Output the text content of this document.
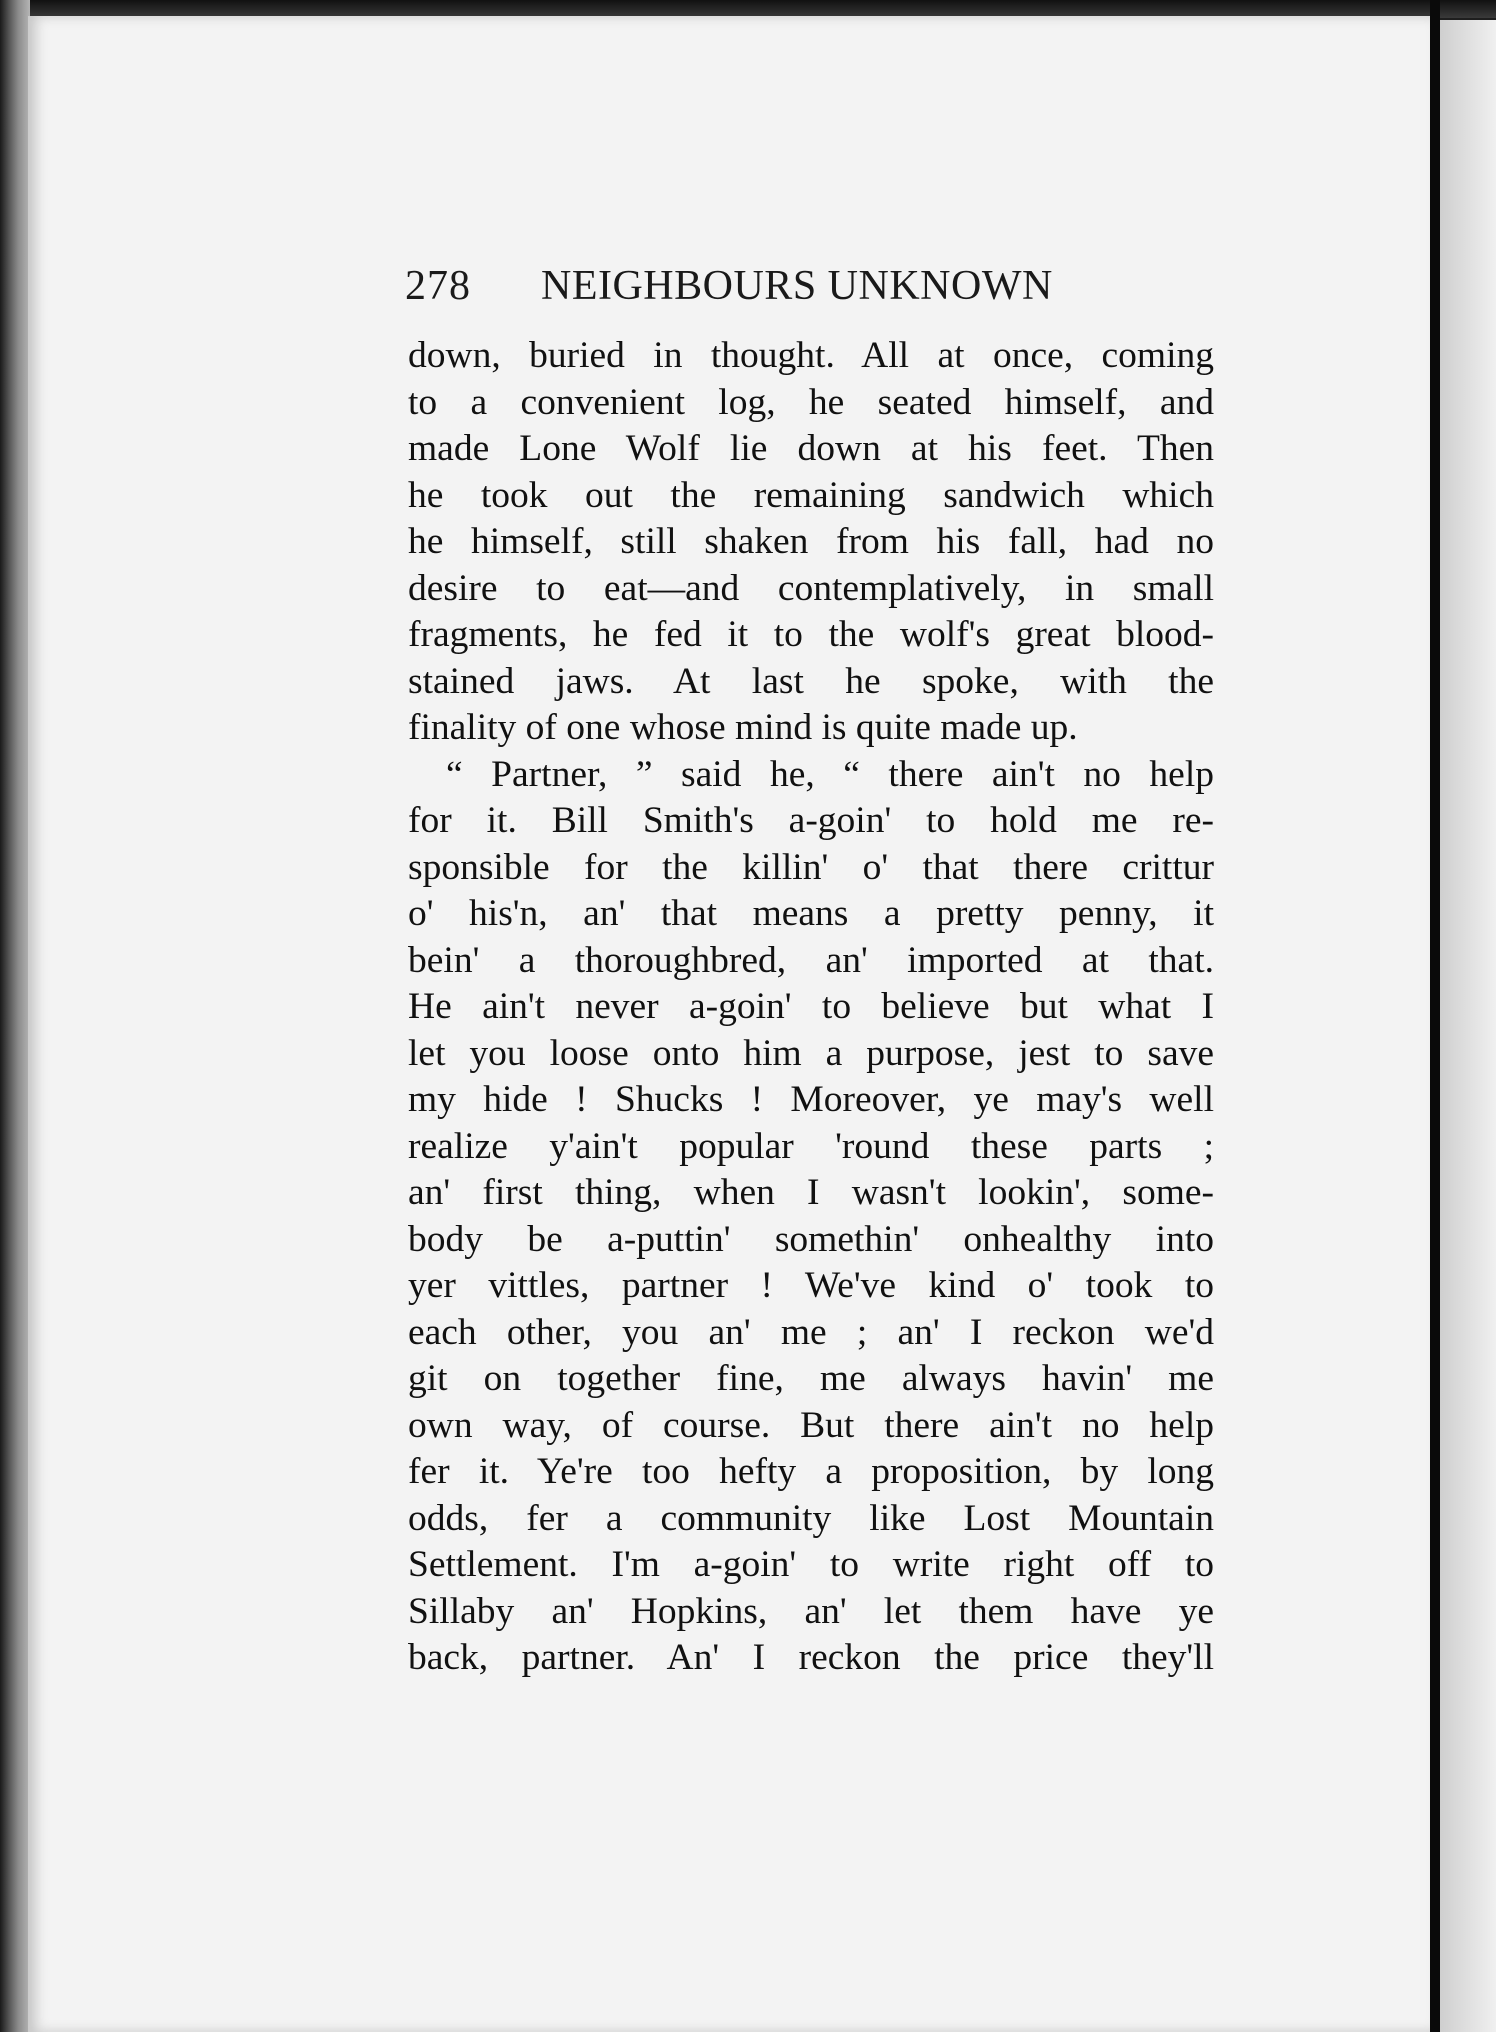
278 NEIGHBOURS UNKNOWN
down, buried in thought. All at once, coming
to a convenient log, he seated himself, and
made Lone Wolf lie down at his feet. Then
he took out the remaining sandwich which
he himself, still shaken from his fall, had no
desire to eat—and contemplatively, in small
fragments, he fed it to the wolf's great blood-
stained jaws. At last he spoke, with the
finality of one whose mind is quite made up.
“ Partner, ” said he, “ there ain't no help
for it. Bill Smith's a-goin' to hold me re-
sponsible for the killin' o' that there crittur
o' his'n, an' that means a pretty penny, it
bein' a thoroughbred, an' imported at that.
He ain't never a-goin' to believe but what I
let you loose onto him a purpose, jest to save
my hide ! Shucks ! Moreover, ye may's well
realize y'ain't popular 'round these parts ;
an' first thing, when I wasn't lookin', some-
body be a-puttin' somethin' onhealthy into
yer vittles, partner ! We've kind o' took to
each other, you an' me ; an' I reckon we'd
git on together fine, me always havin' me
own way, of course. But there ain't no help
fer it. Ye're too hefty a proposition, by long
odds, fer a community like Lost Mountain
Settlement. I'm a-goin' to write right off to
Sillaby an' Hopkins, an' let them have ye
back, partner. An' I reckon the price they'll
